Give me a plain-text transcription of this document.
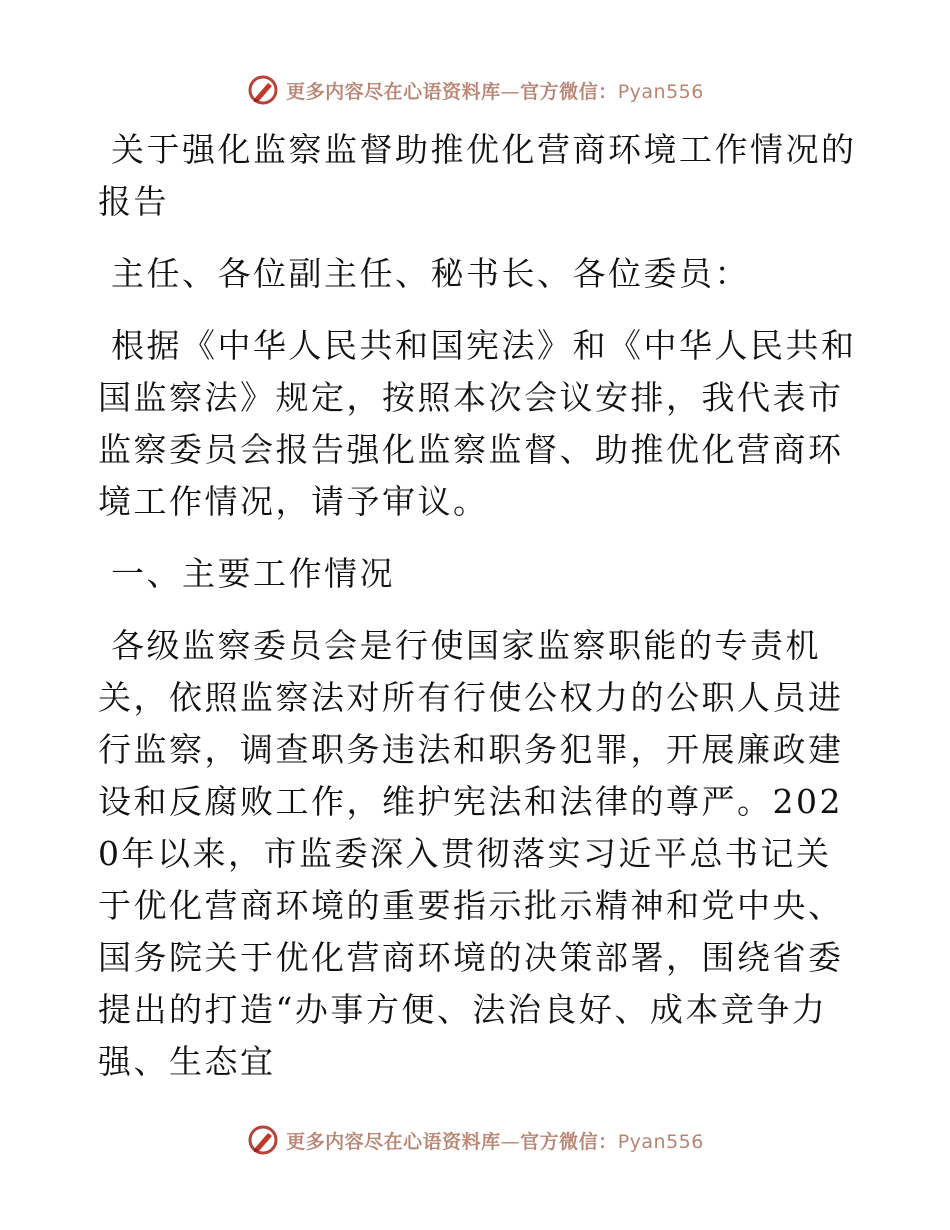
更多内容尽在心语资料库—官方微信：Pyan556

关于强化监察监督助推优化营商环境工作情况的报告

主任、各位副主任、秘书长、各位委员：

根据《中华人民共和国宪法》和《中华人民共和国监察法》规定，按照本次会议安排，我代表市监察委员会报告强化监察监督、助推优化营商环境工作情况，请予审议。

一、主要工作情况

各级监察委员会是行使国家监察职能的专责机关，依照监察法对所有行使公权力的公职人员进行监察，调查职务违法和职务犯罪，开展廉政建设和反腐败工作，维护宪法和法律的尊严。2020年以来，市监委深入贯彻落实习近平总书记关于优化营商环境的重要指示批示精神和党中央、国务院关于优化营商环境的决策部署，围绕省委提出的打造“办事方便、法治良好、成本竞争力强、生态宜

更多内容尽在心语资料库—官方微信：Pyan556
